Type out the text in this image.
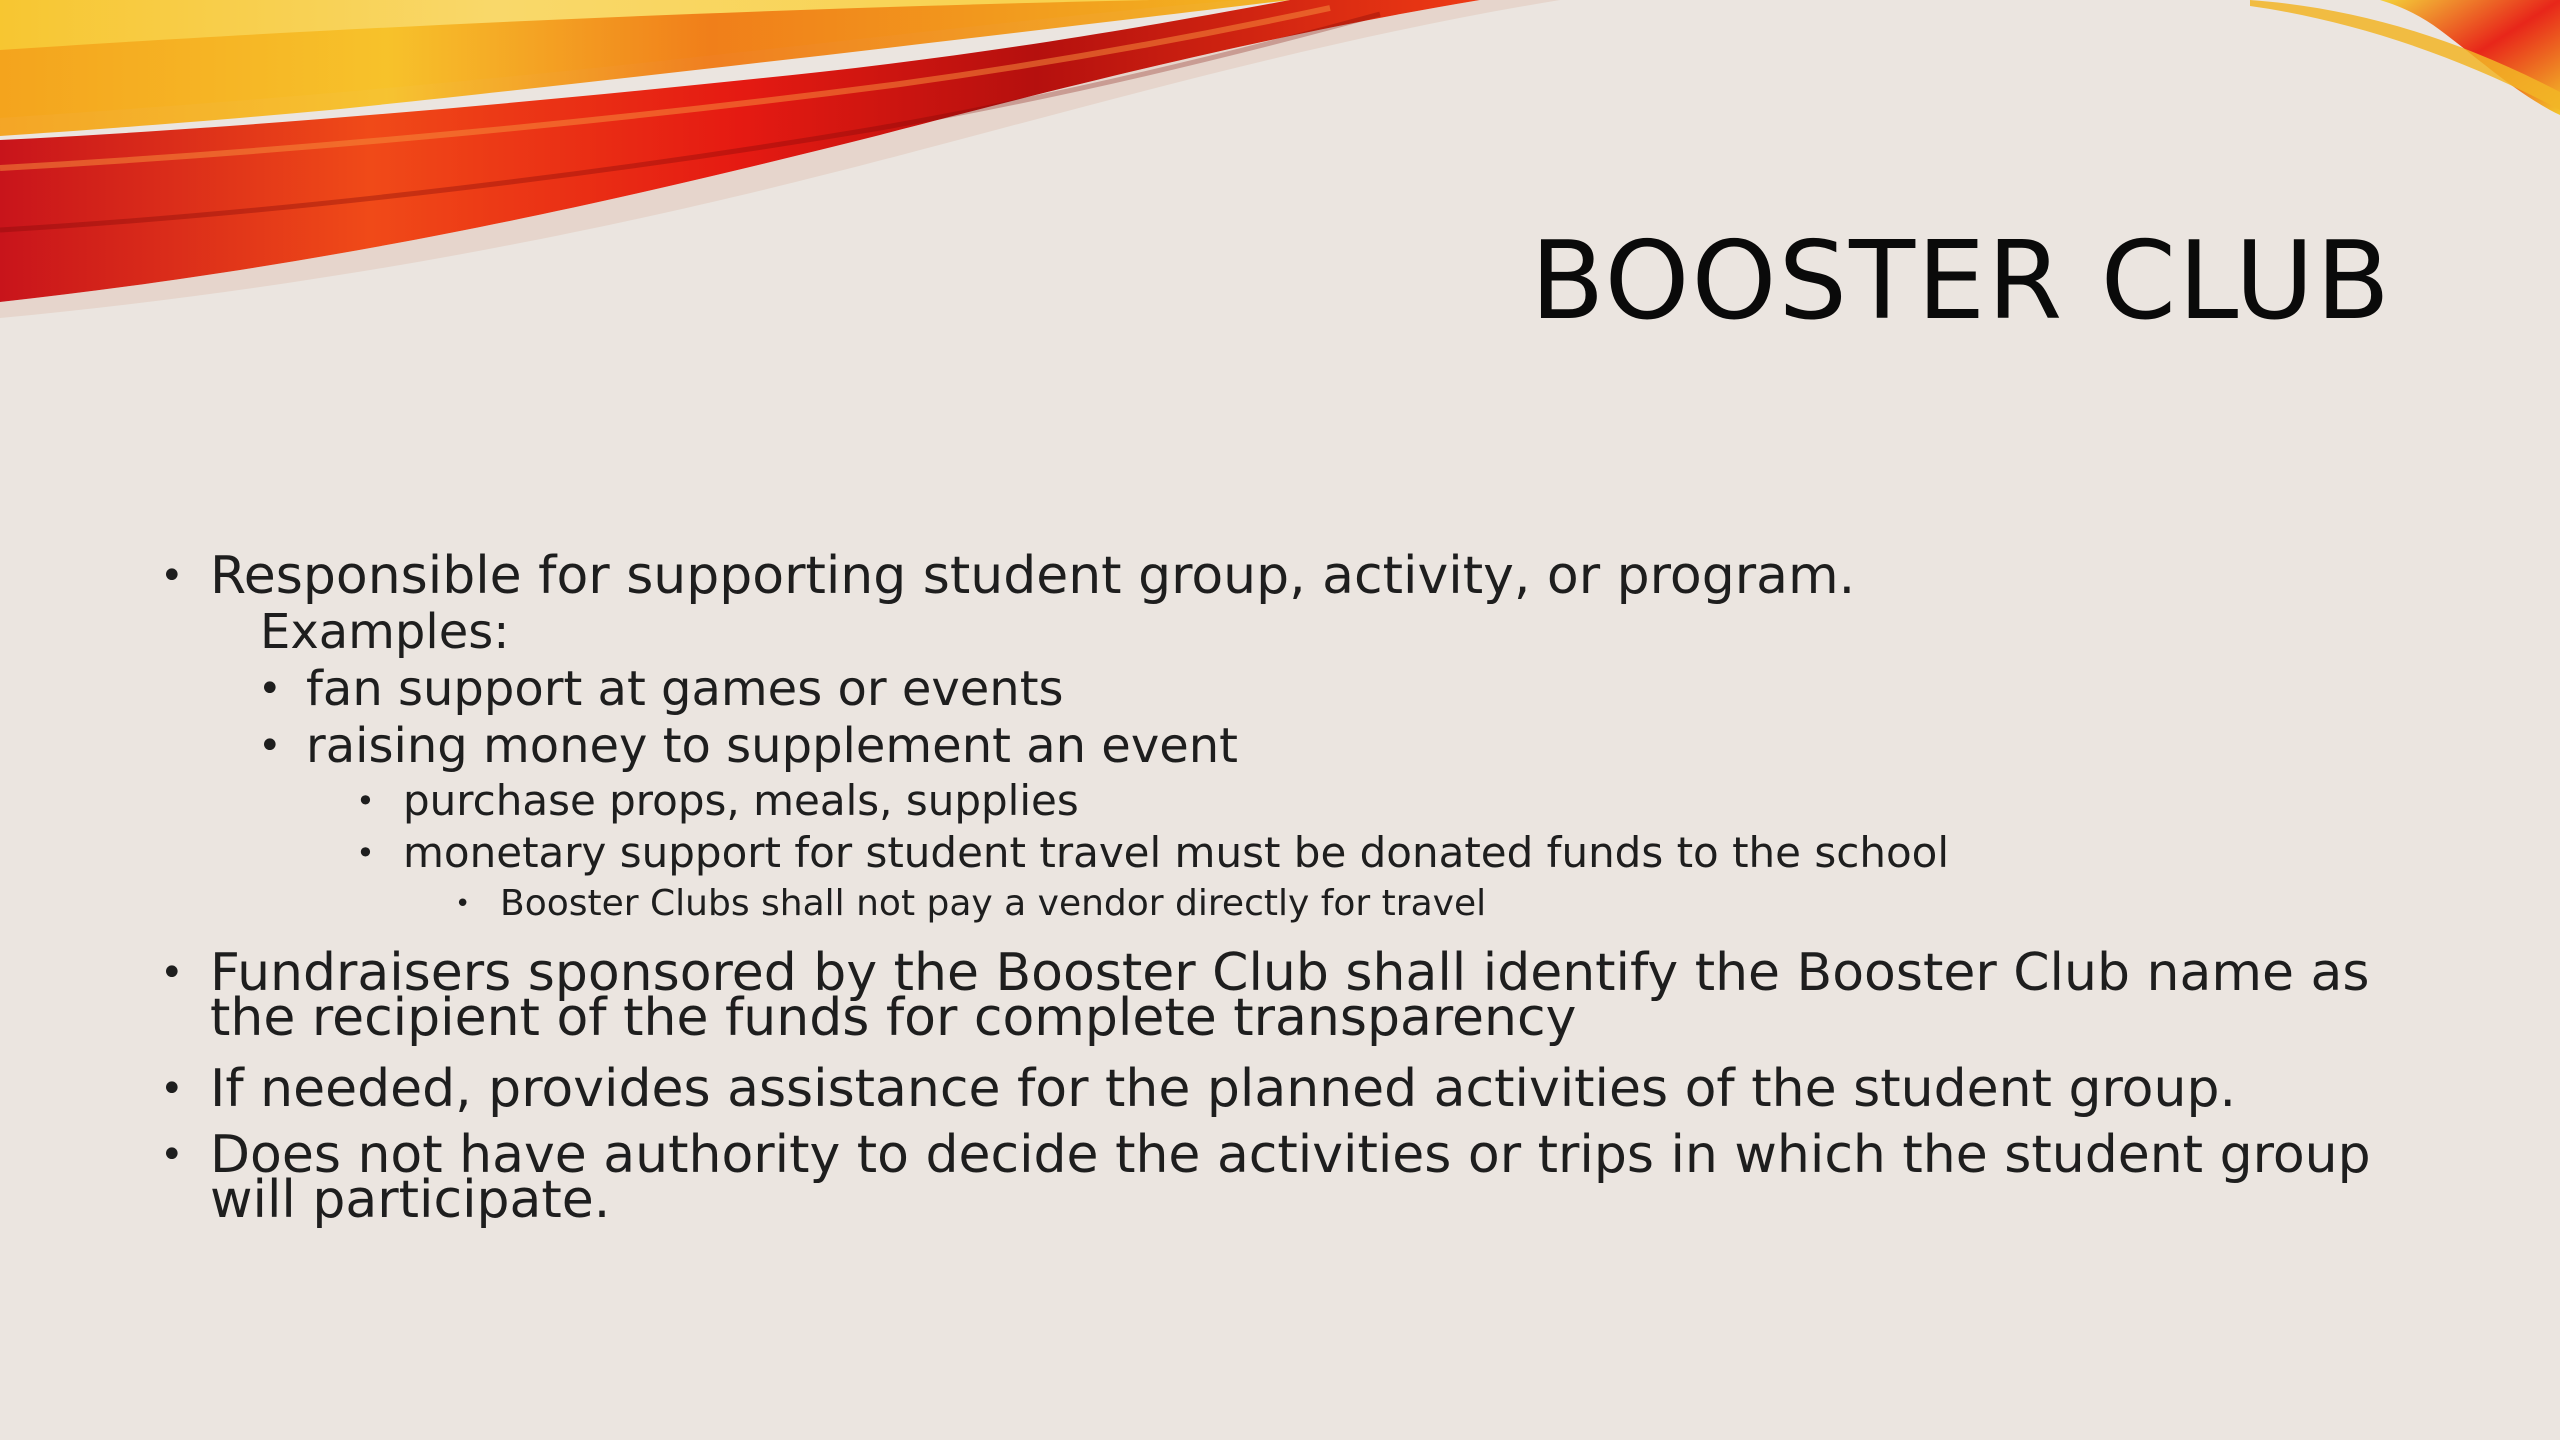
BOOSTER CLUB
• Responsible for supporting student group, activity, or program.
Examples:
• fan support at games or events
• raising money to supplement an event
• purchase props, meals, supplies
• monetary support for student travel must be donated funds to the school
• Booster Clubs shall not pay a vendor directly for travel
• Fundraisers sponsored by the Booster Club shall identify the Booster Club name as the recipient of the funds for complete transparency
• If needed, provides assistance for the planned activities of the student group.
• Does not have authority to decide the activities or trips in which the student group will participate.
